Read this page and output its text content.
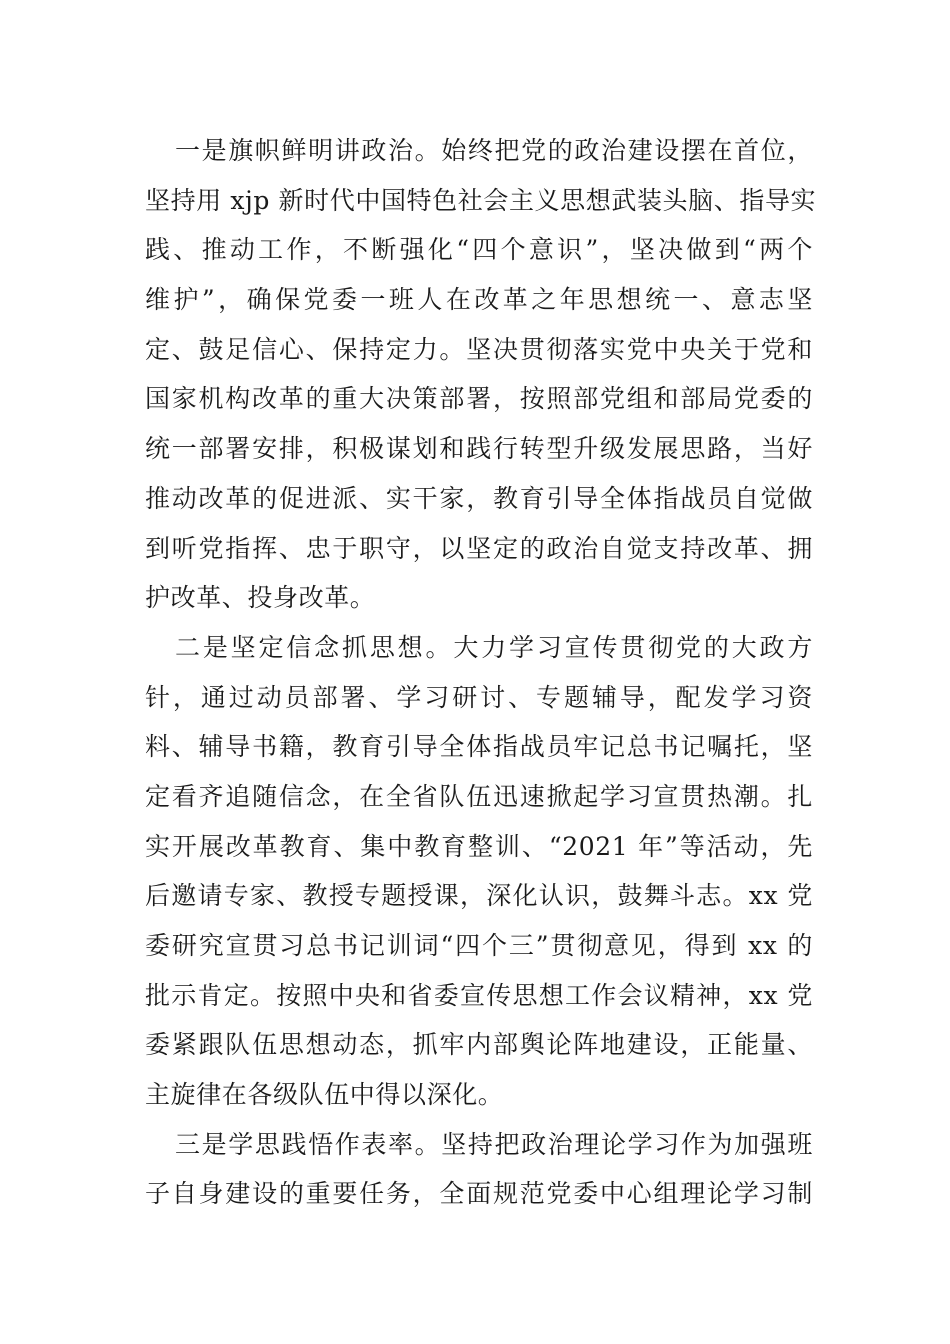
一是旗帜鲜明讲政治。始终把党的政治建设摆在首位，
坚持用 xjp 新时代中国特色社会主义思想武装头脑、指导实
践、推动工作，不断强化“四个意识”，坚决做到“两个
维护”，确保党委一班人在改革之年思想统一、意志坚
定、鼓足信心、保持定力。坚决贯彻落实党中央关于党和
国家机构改革的重大决策部署，按照部党组和部局党委的
统一部署安排，积极谋划和践行转型升级发展思路，当好
推动改革的促进派、实干家，教育引导全体指战员自觉做
到听党指挥、忠于职守，以坚定的政治自觉支持改革、拥
护改革、投身改革。
二是坚定信念抓思想。大力学习宣传贯彻党的大政方
针，通过动员部署、学习研讨、专题辅导，配发学习资
料、辅导书籍，教育引导全体指战员牢记总书记嘱托，坚
定看齐追随信念，在全省队伍迅速掀起学习宣贯热潮。扎
实开展改革教育、集中教育整训、“2021 年”等活动，先
后邀请专家、教授专题授课，深化认识，鼓舞斗志。xx 党
委研究宣贯习总书记训词“四个三”贯彻意见，得到 xx 的
批示肯定。按照中央和省委宣传思想工作会议精神，xx 党
委紧跟队伍思想动态，抓牢内部舆论阵地建设，正能量、
主旋律在各级队伍中得以深化。
三是学思践悟作表率。坚持把政治理论学习作为加强班
子自身建设的重要任务，全面规范党委中心组理论学习制
